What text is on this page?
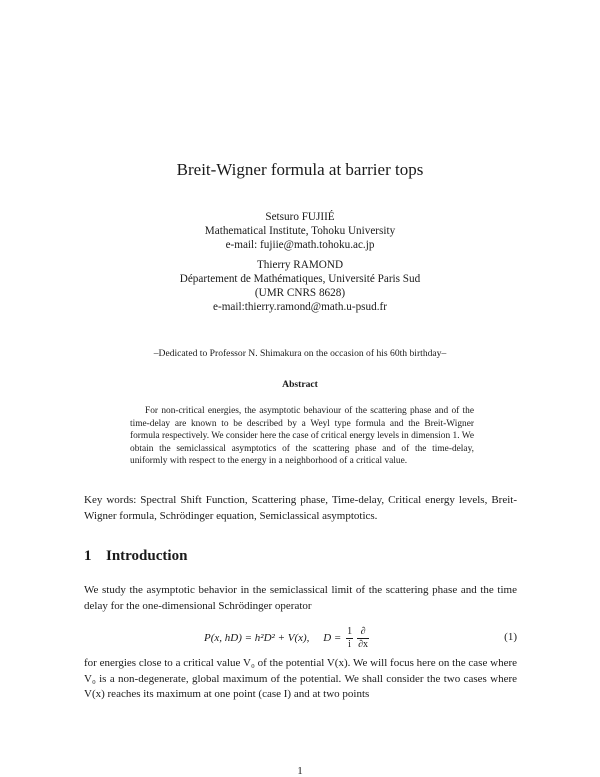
Breit-Wigner formula at barrier tops
Setsuro FUJIIÉ
Mathematical Institute, Tohoku University
e-mail: fujiie@math.tohoku.ac.jp
Thierry RAMOND
Département de Mathématiques, Université Paris Sud
(UMR CNRS 8628)
e-mail:thierry.ramond@math.u-psud.fr
–Dedicated to Professor N. Shimakura on the occasion of his 60th birthday–
Abstract
For non-critical energies, the asymptotic behaviour of the scattering phase and of the time-delay are known to be described by a Weyl type formula and the Breit-Wigner formula respectively. We consider here the case of critical energy levels in dimension 1. We obtain the semiclassical asymptotics of the scattering phase and of the time-delay, uniformly with respect to the energy in a neighborhood of a critical value.
Key words: Spectral Shift Function, Scattering phase, Time-delay, Critical energy levels, Breit-Wigner formula, Schrödinger equation, Semiclassical asymptotics.
1 Introduction
We study the asymptotic behavior in the semiclassical limit of the scattering phase and the time delay for the one-dimensional Schrödinger operator
P(x, hD) = h²D² + V(x), $D = \frac{1}{i} \frac{\partial}{\partial x}$	(1)
for energies close to a critical value V₀ of the potential V(x). We will focus here on the case where V₀ is a non-degenerate, global maximum of the potential. We shall consider the two cases where V(x) reaches its maximum at one point (case I) and at two points
1
